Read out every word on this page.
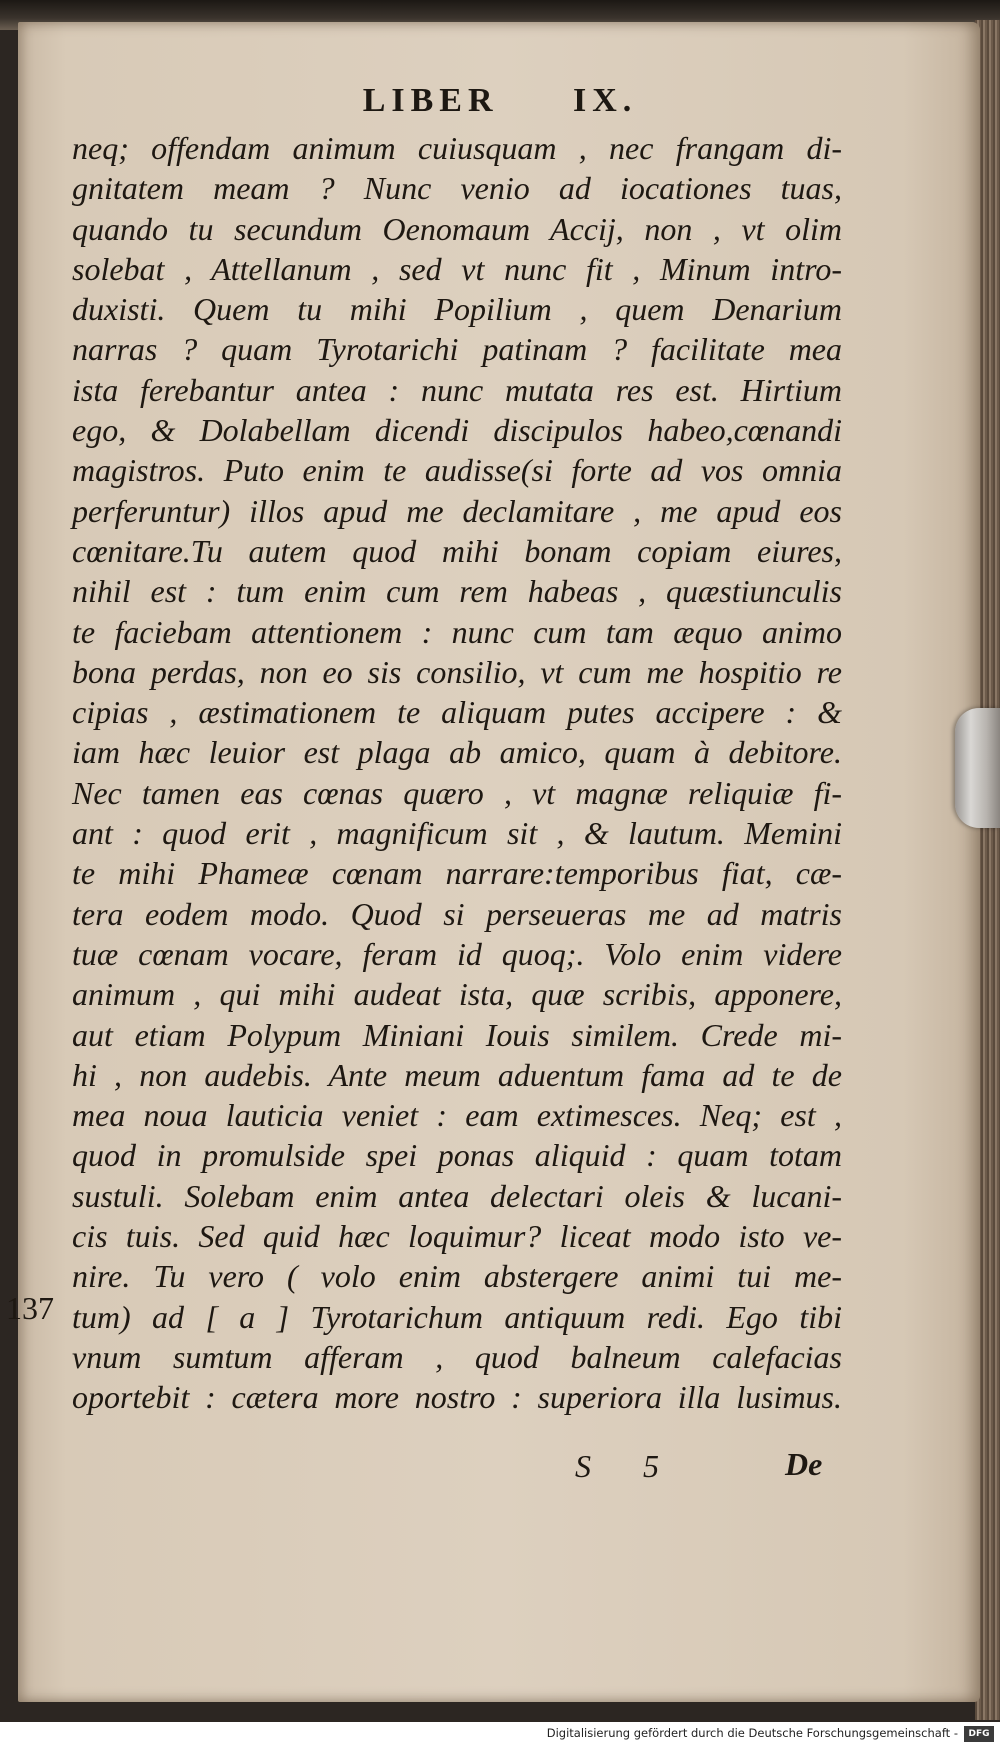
LIBER IX.
neq; offendam animum cuiusquam , nec frangam di-
gnitatem meam ? Nunc venio ad iocationes tuas,
quando tu secundum Oenomaum Accij, non , vt olim
solebat , Attellanum , sed vt nunc fit , Minum intro-
duxisti. Quem tu mihi Popilium , quem Denarium
narras ? quam Tyrotarichi patinam ? facilitate mea
ista ferebantur antea : nunc mutata res est. Hirtium
ego, & Dolabellam dicendi discipulos habeo,cœnandi
magistros. Puto enim te audisse(si forte ad vos omnia
perferuntur) illos apud me declamitare , me apud eos
cœnitare.Tu autem quod mihi bonam copiam eiures,
nihil est : tum enim cum rem habeas , quæstiunculis
te faciebam attentionem : nunc cum tam æquo animo
bona perdas, non eo sis consilio, vt cum me hospitio re
cipias , æstimationem te aliquam putes accipere : &
iam hæc leuior est plaga ab amico, quam à debitore.
Nec tamen eas cœnas quæro , vt magnæ reliquiæ fi-
ant : quod erit , magnificum sit , & lautum. Memini
te mihi Phameæ cœnam narrare:temporibus fiat, cæ-
tera eodem modo. Quod si perseueras me ad matris
tuæ cœnam vocare, feram id quoq;. Volo enim videre
animum , qui mihi audeat ista, quæ scribis, apponere,
aut etiam Polypum Miniani Iouis similem. Crede mi-
hi , non audebis. Ante meum aduentum fama ad te de
mea noua lauticia veniet : eam extimesces. Neq; est ,
quod in promulside spei ponas aliquid : quam totam
sustuli. Solebam enim antea delectari oleis & lucani-
cis tuis. Sed quid hæc loquimur? liceat modo isto ve-
nire. Tu vero ( volo enim abstergere animi tui me-
tum) ad [ a ] Tyrotarichum antiquum redi. Ego tibi
vnum sumtum afferam , quod balneum calefacias
oportebit : cætera more nostro : superiora illa lusimus.
137
S 5	De
Digitalisierung gefördert durch die Deutsche Forschungsgemeinschaft -	DFG
